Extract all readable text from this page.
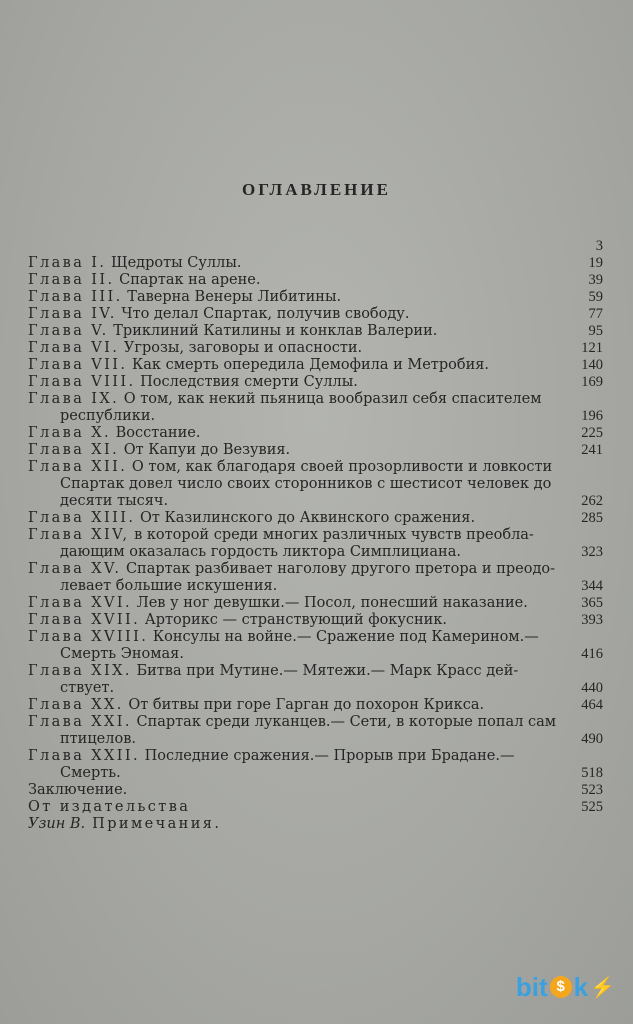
ОГЛАВЛЕНИЕ
3
Глава I. Щедроты Суллы.	19
Глава II. Спартак на арене.	39
Глава III. Таверна Венеры Либитины.	59
Глава IV. Что делал Спартак, получив свободу.	77
Глава V. Триклиний Катилины и конклав Валерии.	95
Глава VI. Угрозы, заговоры и опасности.	121
Глава VII. Как смерть опередила Демофила и Метробия.	140
Глава VIII. Последствия смерти Суллы.	169
Глава IX. О том, как некий пьяница вообразил себя спасителем
республики.	196
Глава X. Восстание.	225
Глава XI. От Капуи до Везувия.	241
Глава XII. О том, как благодаря своей прозорливости и ловкости
Спартак довел число своих сторонников с шестисот человек до
десяти тысяч.	262
Глава XIII. От Казилинского до Аквинского сражения.	285
Глава XIV, в которой среди многих различных чувств преобла-
дающим оказалась гордость ликтора Симплициана.	323
Глава XV. Спартак разбивает наголову другого претора и преодо-
левает большие искушения.	344
Глава XVI. Лев у ног девушки.— Посол, понесший наказание.	365
Глава XVII. Арторикс — странствующий фокусник.	393
Глава XVIII. Консулы на войне.— Сражение под Камерином.—
Смерть Эномая.	416
Глава XIX. Битва при Мутине.— Мятежи.— Марк Красс дей-
ствует.	440
Глава XX. От битвы при горе Гарган до похорон Крикса.	464
Глава XXI. Спартак среди луканцев.— Сети, в которые попал сам
птицелов.	490
Глава XXII. Последние сражения.— Прорыв при Брадане.—
Смерть.	518
Заключение.	523
От издательства	525
Узин В. Примечания.
bit $ k ⚡
